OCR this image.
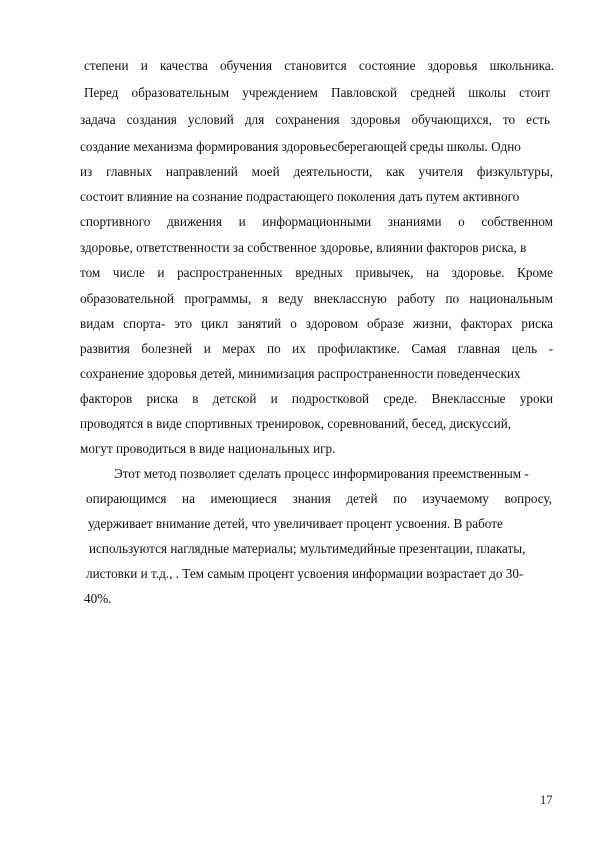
степени и качества обучения становится состояние здоровья школьника.
Перед образовательным учреждением Павловской средней школы стоит
задача создания условий для сохранения здоровья обучающихся, то есть
создание механизма формирования здоровьесберегающей среды школы. Одно
из главных направлений моей деятельности, как учителя физкультуры,
состоит влияние на сознание подрастающего поколения дать путем активного
спортивного движения и информационными знаниями о собственном
здоровье, ответственности за собственное здоровье, влиянии факторов риска, в
том числе и распространенных вредных привычек, на здоровье. Кроме
образовательной программы, я веду внеклассную работу по национальным
видам спорта- это цикл занятий о здоровом образе жизни, факторах риска
развития болезней и мерах по их профилактике. Самая главная цель -
сохранение здоровья детей, минимизация распространенности поведенческих
факторов риска в детской и подростковой среде. Внеклассные уроки
проводятся в виде спортивных тренировок, соревнований, бесед, дискуссий,
могут проводиться в виде национальных игр.
Этот метод позволяет сделать процесс информирования преемственным -
опирающимся на имеющиеся знания детей по изучаемому вопросу,
удерживает внимание детей, что увеличивает процент усвоения. В работе
используются наглядные материалы; мультимедийные презентации, плакаты,
листовки и т.д., . Тем самым процент усвоения информации возрастает до 30-
40%.
17
